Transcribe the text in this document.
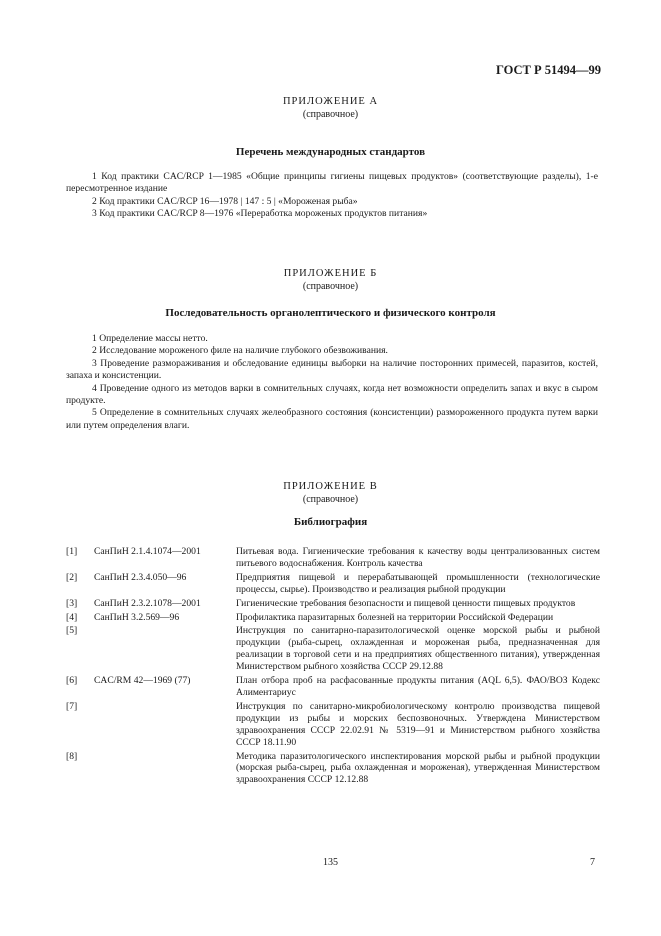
ГОСТ Р 51494—99
ПРИЛОЖЕНИЕ А
(справочное)
Перечень международных стандартов

1 Код практики CAC/RCP 1—1985 «Общие принципы гигиены пищевых продуктов» (соответствующие разделы), 1-е пересмотренное издание

2 Код практики CAC/RCP 16—1978 | 147 : 5 | «Мороженая рыба»

3 Код практики CAC/RCP 8—1976 «Переработка мороженых продуктов питания»

ПРИЛОЖЕНИЕ Б
(справочное)
Последовательность органолептического и физического контроля

1 Определение массы нетто.

2 Исследование мороженого филе на наличие глубокого обезвоживания.

3 Проведение размораживания и обследование единицы выборки на наличие посторонних примесей, паразитов, костей, запаха и консистенции.

4 Проведение одного из методов варки в сомнительных случаях, когда нет возможности определить запах и вкус в сыром продукте.

5 Определение в сомнительных случаях желеобразного состояния (консистенции) размороженного продукта путем варки или путем определения влаги.

ПРИЛОЖЕНИЕ В
(справочное)
Библиография
[1]	СанПиН 2.1.4.1074—2001	Питьевая вода. Гигиенические требования к качеству воды централизованных систем питьевого водоснабжения. Контроль качества
[2]	СанПиН 2.3.4.050—96	Предприятия пищевой и перерабатывающей промышленности (технологические процессы, сырье). Производство и реализация рыбной продукции
[3]	СанПиН 2.3.2.1078—2001	Гигиенические требования безопасности и пищевой ценности пищевых продуктов
[4]	СанПиН 3.2.569—96	Профилактика паразитарных болезней на территории Российской Федерации
[5]		Инструкция по санитарно-паразитологической оценке морской рыбы и рыбной продукции (рыба-сырец, охлажденная и мороженая рыба, предназначенная для реализации в торговой сети и на предприятиях общественного питания), утвержденная Министерством рыбного хозяйства СССР 29.12.88
[6]	CAC/RM 42—1969 (77)	План отбора проб на расфасованные продукты питания (AQL 6,5). ФАО/ВОЗ Кодекс Алиментариус
[7]		Инструкция по санитарно-микробиологическому контролю производства пищевой продукции из рыбы и морских беспозвоночных. Утверждена Министерством здравоохранения СССР 22.02.91 № 5319—91 и Министерством рыбного хозяйства СССР 18.11.90
[8]		Методика паразитологического инспектирования морской рыбы и рыбной продукции (морская рыба-сырец, рыба охлажденная и мороженая), утвержденная Министерством здравоохранения СССР 12.12.88
135	7
